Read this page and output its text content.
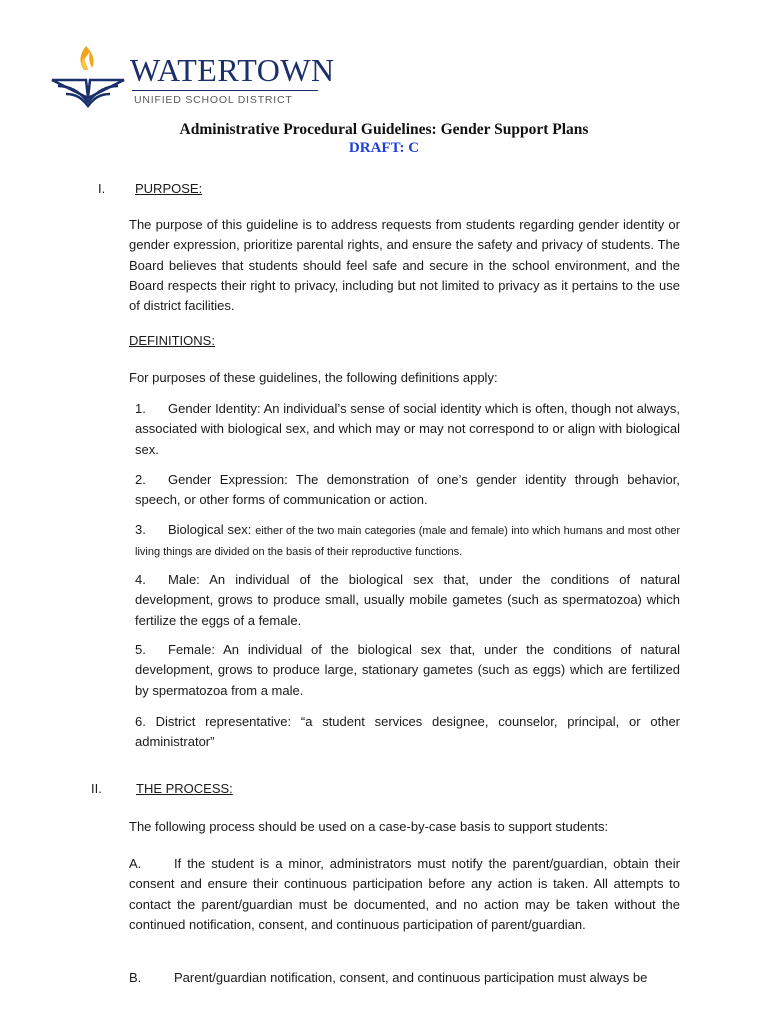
WATERTOWN
UNIFIED SCHOOL DISTRICT
Administrative Procedural Guidelines: Gender Support Plans
DRAFT: C
I. PURPOSE:
The purpose of this guideline is to address requests from students regarding gender identity or gender expression, prioritize parental rights, and ensure the safety and privacy of students. The Board believes that students should feel safe and secure in the school environment, and the Board respects their right to privacy, including but not limited to privacy as it pertains to the use of district facilities.
DEFINITIONS:
For purposes of these guidelines, the following definitions apply:
1. Gender Identity: An individual’s sense of social identity which is often, though not always, associated with biological sex, and which may or may not correspond to or align with biological sex.
2. Gender Expression: The demonstration of one’s gender identity through behavior, speech, or other forms of communication or action.
3. Biological sex: either of the two main categories (male and female) into which humans and most other living things are divided on the basis of their reproductive functions.
4. Male: An individual of the biological sex that, under the conditions of natural development, grows to produce small, usually mobile gametes (such as spermatozoa) which fertilize the eggs of a female.
5. Female: An individual of the biological sex that, under the conditions of natural development, grows to produce large, stationary gametes (such as eggs) which are fertilized by spermatozoa from a male.
6. District representative: “a student services designee, counselor, principal, or other administrator”
II.	THE PROCESS:
The following process should be used on a case-by-case basis to support students:
A.	If the student is a minor, administrators must notify the parent/guardian, obtain their consent and ensure their continuous participation before any action is taken. All attempts to contact the parent/guardian must be documented, and no action may be taken without the continued notification, consent, and continuous participation of parent/guardian.
B.	Parent/guardian notification, consent, and continuous participation must always be
